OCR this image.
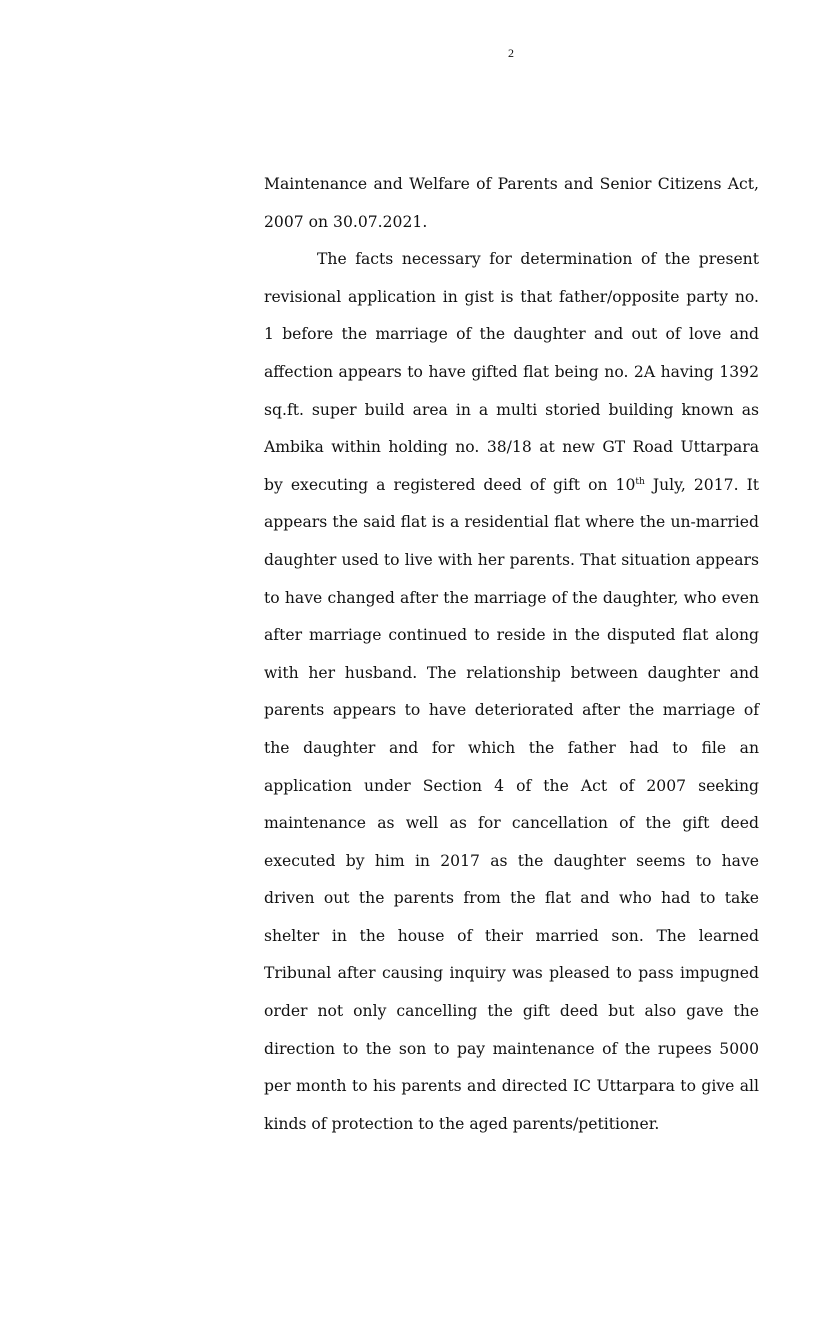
2

Maintenance and Welfare of Parents and Senior Citizens Act, 2007 on 30.07.2021.

The facts necessary for determination of the present revisional application in gist is that father/opposite party no. 1 before the marriage of the daughter and out of love and affection appears to have gifted flat being no. 2A having 1392 sq.ft. super build area in a multi storied building known as Ambika within holding no. 38/18 at new GT Road Uttarpara by executing a registered deed of gift on 10th July, 2017. It appears the said flat is a residential flat where the un-married daughter used to live with her parents. That situation appears to have changed after the marriage of the daughter, who even after marriage continued to reside in the disputed flat along with her husband. The relationship between daughter and parents appears to have deteriorated after the marriage of the daughter and for which the father had to file an application under Section 4 of the Act of 2007 seeking maintenance as well as for cancellation of the gift deed executed by him in 2017 as the daughter seems to have driven out the parents from the flat and who had to take shelter in the house of their married son. The learned Tribunal after causing inquiry was pleased to pass impugned order not only cancelling the gift deed but also gave the direction to the son to pay maintenance of the rupees 5000 per month to his parents and directed IC Uttarpara to give all kinds of protection to the aged parents/petitioner.
